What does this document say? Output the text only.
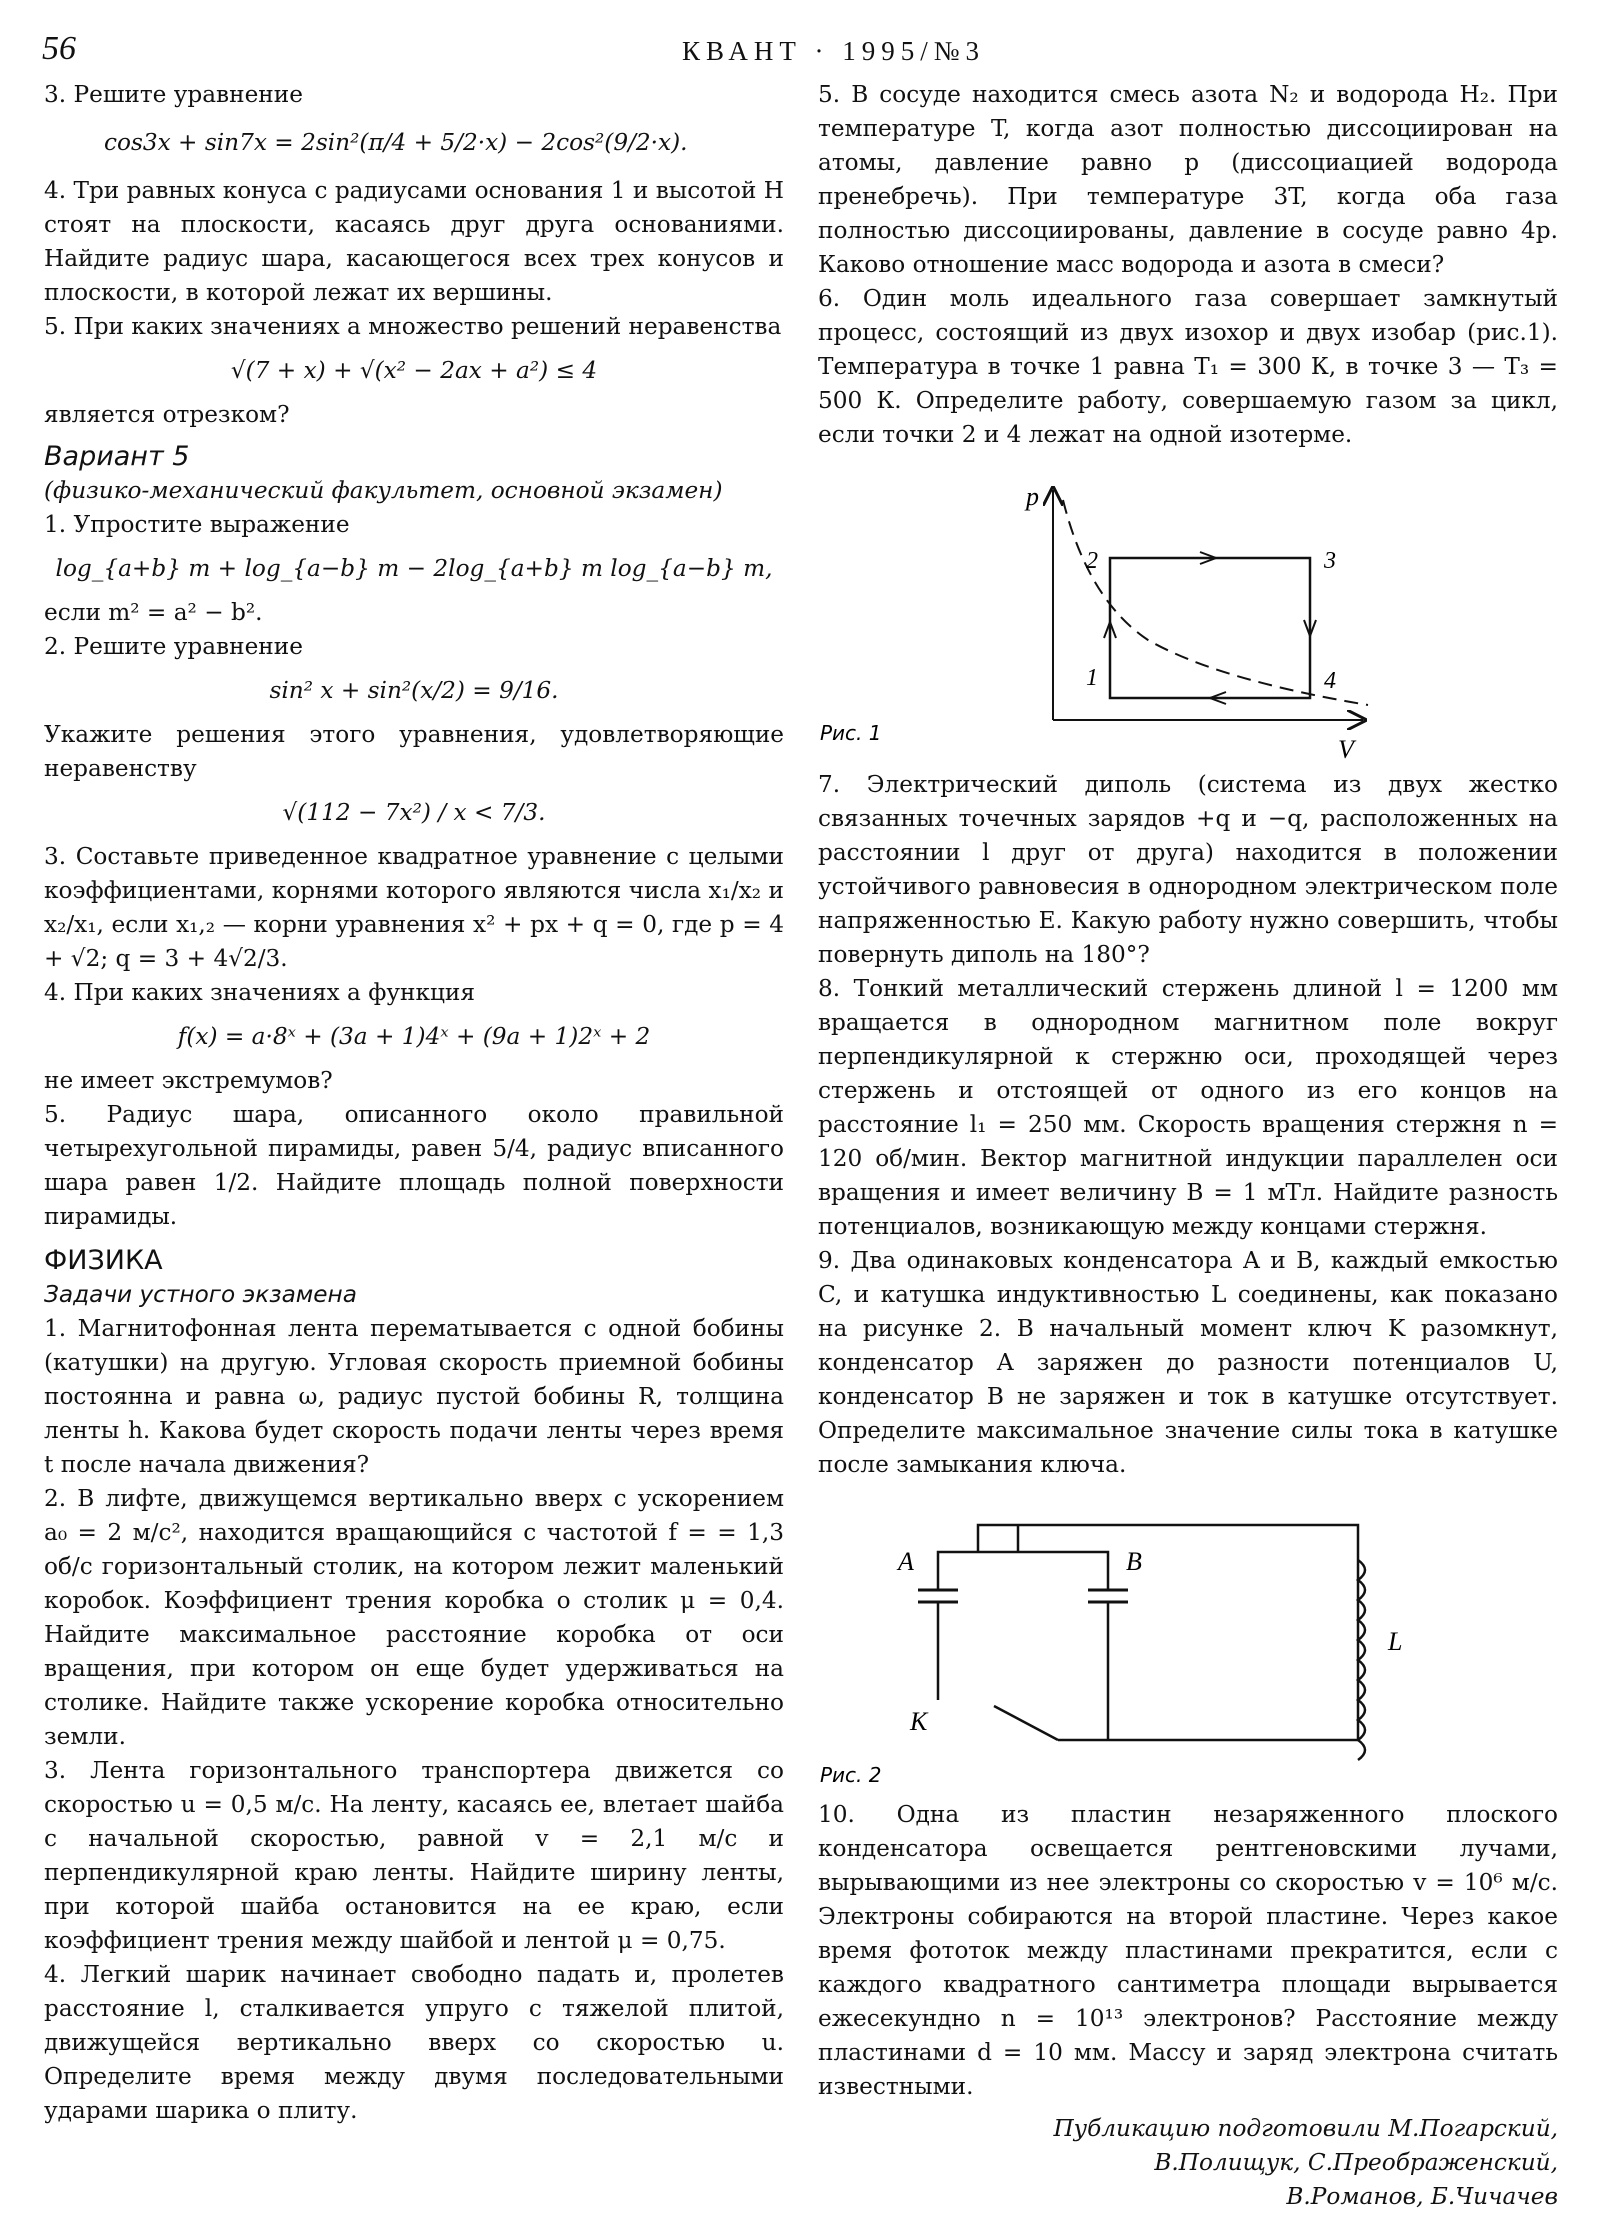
56	КВАНТ · 1995/№3

3. Решите уравнение

cos3x + sin7x = 2sin²(π/4 + 5/2·x) − 2cos²(9/2·x).

4. Три равных конуса с радиусами основания 1 и высотой H стоят на плоскости, касаясь друг друга основаниями. Найдите радиус шара, касающегося всех трех конусов и плоскости, в которой лежат их вершины.

5. При каких значениях a множество решений неравенства

√(7 + x) + √(x² − 2ax + a²) ≤ 4

является отрезком?

Вариант 5

(физико-механический факультет, основной экзамен)

1. Упростите выражение

log_{a+b} m + log_{a−b} m − 2log_{a+b} m log_{a−b} m,

если m² = a² − b².

2. Решите уравнение

sin² x + sin²(x/2) = 9/16.

Укажите решения этого уравнения, удовлетворяющие неравенству

√(112 − 7x²) / x < 7/3.

3. Составьте приведенное квадратное уравнение с целыми коэффициентами, корнями которого являются числа x₁/x₂ и x₂/x₁, если x₁,₂ — корни уравнения x² + px + q = 0, где p = 4 + √2; q = 3 + 4√2/3.

4. При каких значениях a функция

f(x) = a·8ˣ + (3a + 1)4ˣ + (9a + 1)2ˣ + 2

не имеет экстремумов?

5. Радиус шара, описанного около правильной четырехугольной пирамиды, равен 5/4, радиус вписанного шара равен 1/2. Найдите площадь полной поверхности пирамиды.

ФИЗИКА

Задачи устного экзамена

1. Магнитофонная лента перематывается с одной бобины (катушки) на другую. Угловая скорость приемной бобины постоянна и равна ω, радиус пустой бобины R, толщина ленты h. Какова будет скорость подачи ленты через время t после начала движения?

2. В лифте, движущемся вертикально вверх с ускорением a₀ = 2 м/с², находится вращающийся с частотой f = = 1,3 об/с горизонтальный столик, на котором лежит маленький коробок. Коэффициент трения коробка о столик μ = 0,4. Найдите максимальное расстояние коробка от оси вращения, при котором он еще будет удерживаться на столике. Найдите также ускорение коробка относительно земли.

3. Лента горизонтального транспортера движется со скоростью u = 0,5 м/с. На ленту, касаясь ее, влетает шайба с начальной скоростью, равной v = 2,1 м/с и перпендикулярной краю ленты. Найдите ширину ленты, при которой шайба остановится на ее краю, если коэффициент трения между шайбой и лентой μ = 0,75.

4. Легкий шарик начинает свободно падать и, пролетев расстояние l, сталкивается упруго с тяжелой плитой, движущейся вертикально вверх со скоростью u. Определите время между двумя последовательными ударами шарика о плиту.

5. В сосуде находится смесь азота N₂ и водорода H₂. При температуре T, когда азот полностью диссоциирован на атомы, давление равно p (диссоциацией водорода пренебречь). При температуре 3T, когда оба газа полностью диссоциированы, давление в сосуде равно 4p. Каково отношение масс водорода и азота в смеси?

6. Один моль идеального газа совершает замкнутый процесс, состоящий из двух изохор и двух изобар (рис.1). Температура в точке 1 равна T₁ = 300 К, в точке 3 — T₃ = 500 К. Определите работу, совершаемую газом за цикл, если точки 2 и 4 лежат на одной изотерме.

p
V
1
2	3
4
Рис. 1

7. Электрический диполь (система из двух жестко связанных точечных зарядов +q и −q, расположенных на расстоянии l друг от друга) находится в положении устойчивого равновесия в однородном электрическом поле напряженностью E. Какую работу нужно совершить, чтобы повернуть диполь на 180°?

8. Тонкий металлический стержень длиной l = 1200 мм вращается в однородном магнитном поле вокруг перпендикулярной к стержню оси, проходящей через стержень и отстоящей от одного из его концов на расстояние l₁ = 250 мм. Скорость вращения стержня n = 120 об/мин. Вектор магнитной индукции параллелен оси вращения и имеет величину B = 1 мТл. Найдите разность потенциалов, возникающую между концами стержня.

9. Два одинаковых конденсатора A и B, каждый емкостью C, и катушка индуктивностью L соединены, как показано на рисунке 2. В начальный момент ключ K разомкнут, конденсатор A заряжен до разности потенциалов U, конденсатор B не заряжен и ток в катушке отсутствует. Определите максимальное значение силы тока в катушке после замыкания ключа.

A	B
L
K
Рис. 2

10. Одна из пластин незаряженного плоского конденсатора освещается рентгеновскими лучами, вырывающими из нее электроны со скоростью v = 10⁶ м/с. Электроны собираются на второй пластине. Через какое время фототок между пластинами прекратится, если с каждого квадратного сантиметра площади вырывается ежесекундно n = 10¹³ электронов? Расстояние между пластинами d = 10 мм. Массу и заряд электрона считать известными.

Публикацию подготовили М.Погарский,
В.Полищук, С.Преображенский,
В.Романов, Б.Чичачев
